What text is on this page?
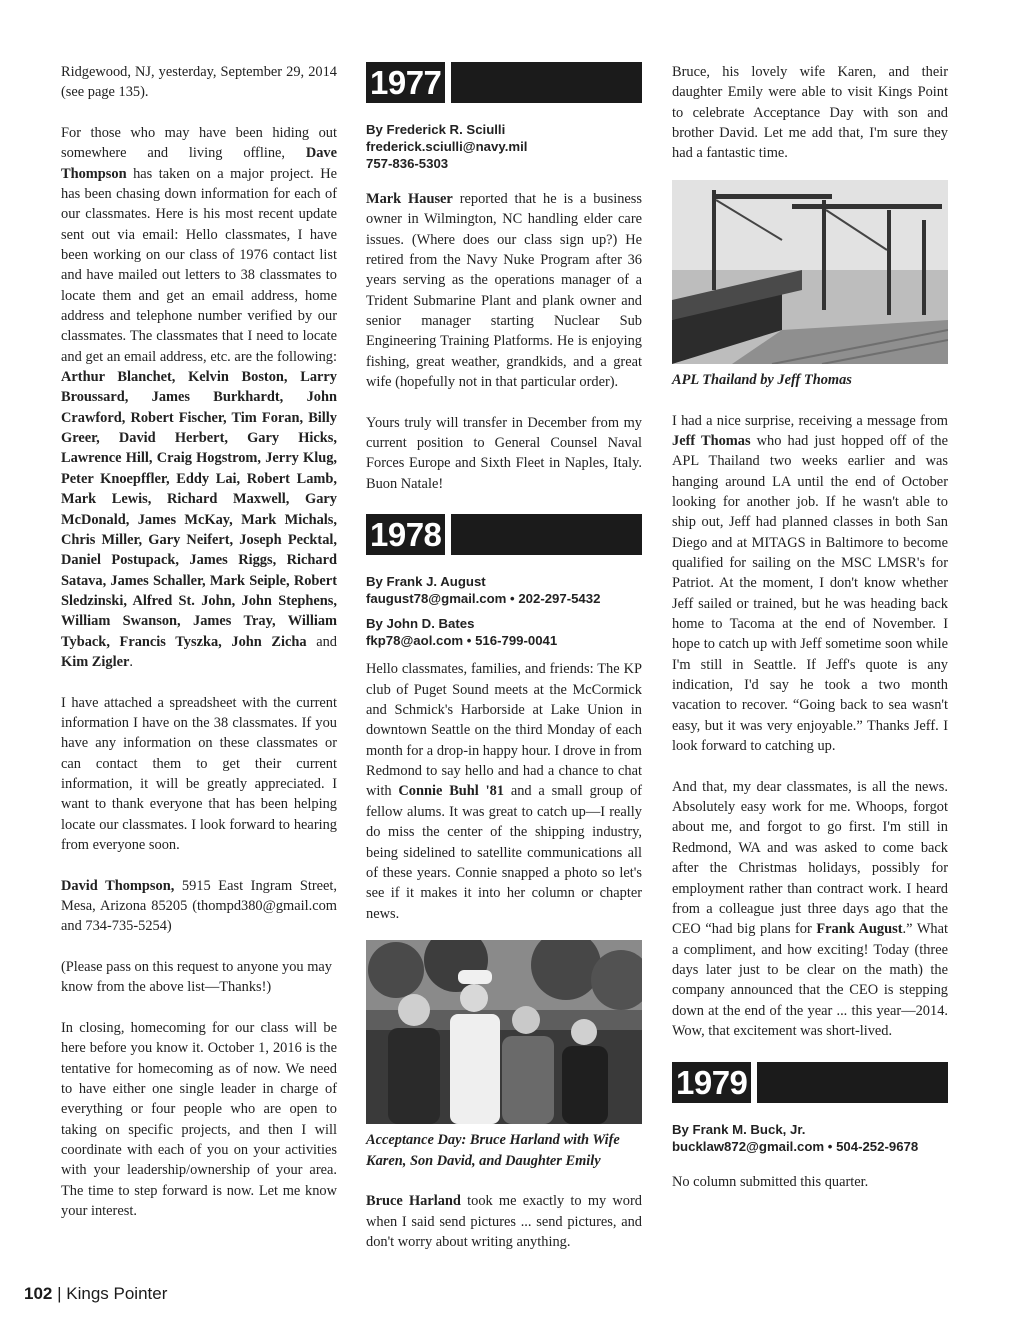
Ridgewood, NJ, yesterday, September 29, 2014 (see page 135).

For those who may have been hiding out somewhere and living offline, Dave Thompson has taken on a major project. He has been chasing down information for each of our classmates. Here is his most recent update sent out via email: Hello classmates, I have been working on our class of 1976 contact list and have mailed out letters to 38 classmates to locate them and get an email address, home address and telephone number verified by our classmates. The classmates that I need to locate and get an email address, etc. are the following: Arthur Blanchet, Kelvin Boston, Larry Broussard, James Burkhardt, John Crawford, Robert Fischer, Tim Foran, Billy Greer, David Herbert, Gary Hicks, Lawrence Hill, Craig Hogstrom, Jerry Klug, Peter Knoepffler, Eddy Lai, Robert Lamb, Mark Lewis, Richard Maxwell, Gary McDonald, James McKay, Mark Michals, Chris Miller, Gary Neifert, Joseph Pecktal, Daniel Postupack, James Riggs, Richard Satava, James Schaller, Mark Seiple, Robert Sledzinski, Alfred St. John, John Stephens, William Swanson, James Tray, William Tyback, Francis Tyszka, John Zicha and Kim Zigler.

I have attached a spreadsheet with the current information I have on the 38 classmates. If you have any information on these classmates or can contact them to get their current information, it will be greatly appreciated. I want to thank everyone that has been helping locate our classmates. I look forward to hearing from everyone soon.

David Thompson, 5915 East Ingram Street, Mesa, Arizona 85205 (thompd380@gmail.com and 734-735-5254)

(Please pass on this request to anyone you may know from the above list—Thanks!)

In closing, homecoming for our class will be here before you know it. October 1, 2016 is the tentative for homecoming as of now. We need to have either one single leader in charge of everything or four people who are open to taking on specific projects, and then I will coordinate with each of you on your activities with your leadership/ownership of your area. The time to step forward is now. Let me know your interest.

1977
By Frederick R. Sciulli
frederick.sciulli@navy.mil
757-836-5303

Mark Hauser reported that he is a business owner in Wilmington, NC handling elder care issues. (Where does our class sign up?) He retired from the Navy Nuke Program after 36 years serving as the operations manager of a Trident Submarine Plant and plank owner and senior manager starting Nuclear Sub Engineering Training Platforms. He is enjoying fishing, great weather, grandkids, and a great wife (hopefully not in that particular order).

Yours truly will transfer in December from my current position to General Counsel Naval Forces Europe and Sixth Fleet in Naples, Italy. Buon Natale!

1978
By Frank J. August
faugust78@gmail.com • 202-297-5432
By John D. Bates
fkp78@aol.com • 516-799-0041

Hello classmates, families, and friends: The KP club of Puget Sound meets at the McCormick and Schmick's Harborside at Lake Union in downtown Seattle on the third Monday of each month for a drop-in happy hour. I drove in from Redmond to say hello and had a chance to chat with Connie Buhl '81 and a small group of fellow alums. It was great to catch up—I really do miss the center of the shipping industry, being sidelined to satellite communications all of these years. Connie snapped a photo so let's see if it makes it into her column or chapter news.

Acceptance Day: Bruce Harland with Wife Karen, Son David, and Daughter Emily

Bruce Harland took me exactly to my word when I said send pictures ... send pictures, and don't worry about writing anything.

Bruce, his lovely wife Karen, and their daughter Emily were able to visit Kings Point to celebrate Acceptance Day with son and brother David. Let me add that, I'm sure they had a fantastic time.

APL Thailand by Jeff Thomas

I had a nice surprise, receiving a message from Jeff Thomas who had just hopped off of the APL Thailand two weeks earlier and was hanging around LA until the end of October looking for another job. If he wasn't able to ship out, Jeff had planned classes in both San Diego and at MITAGS in Baltimore to become qualified for sailing on the MSC LMSR's for Patriot. At the moment, I don't know whether Jeff sailed or trained, but he was heading back home to Tacoma at the end of November. I hope to catch up with Jeff sometime soon while I'm still in Seattle. If Jeff's quote is any indication, I'd say he took a two month vacation to recover. “Going back to sea wasn't easy, but it was very enjoyable.” Thanks Jeff. I look forward to catching up.

And that, my dear classmates, is all the news. Absolutely easy work for me. Whoops, forgot about me, and forgot to go first. I'm still in Redmond, WA and was asked to come back after the Christmas holidays, possibly for employment rather than contract work. I heard from a colleague just three days ago that the CEO “had big plans for Frank August.” What a compliment, and how exciting! Today (three days later just to be clear on the math) the company announced that the CEO is stepping down at the end of the year ... this year—2014. Wow, that excitement was short-lived.

1979
By Frank M. Buck, Jr.
bucklaw872@gmail.com • 504-252-9678

No column submitted this quarter.

102 | Kings Pointer
